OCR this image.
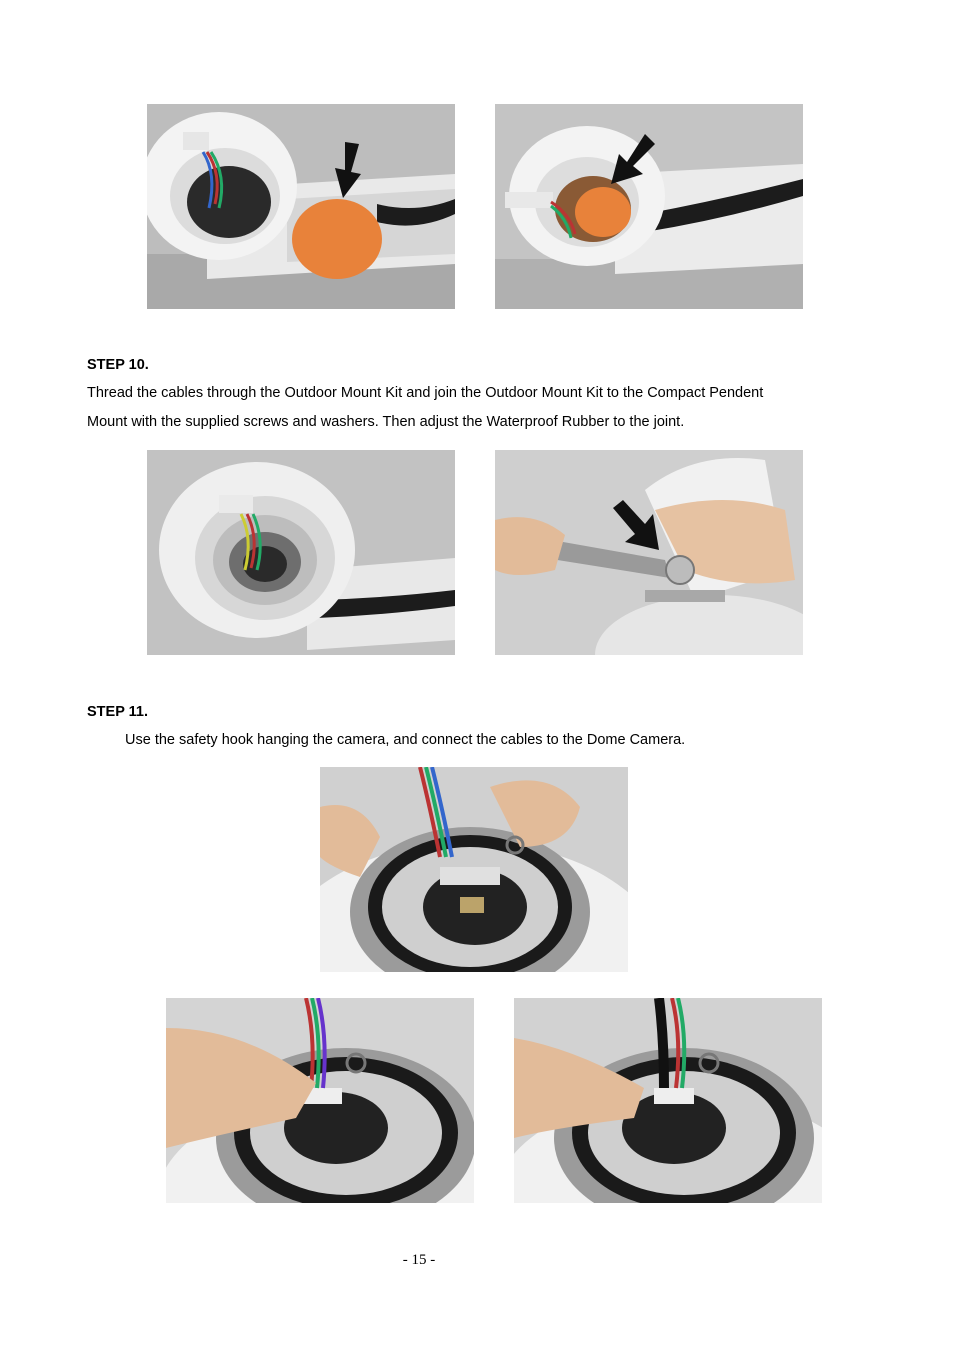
STEP 10.

Thread the cables through the Outdoor Mount Kit and join the Outdoor Mount Kit to the Compact Pendent

Mount with the supplied screws and washers. Then adjust the Waterproof Rubber to the joint.

STEP 11.

Use the safety hook hanging the camera, and connect the cables to the Dome Camera.

- 15 -
